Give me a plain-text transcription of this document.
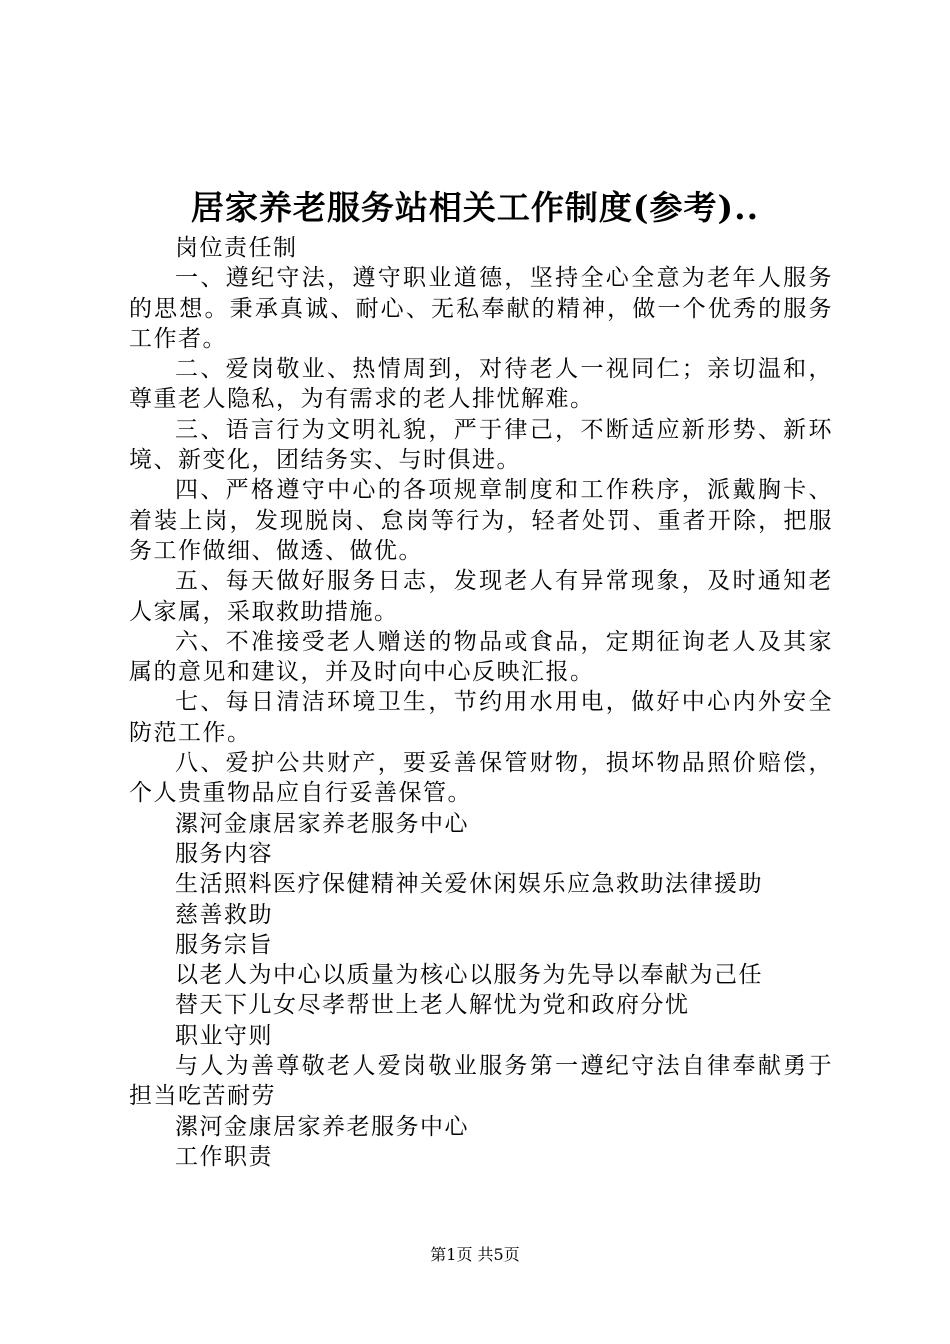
居家养老服务站相关工作制度(参考)..

岗位责任制

一、遵纪守法，遵守职业道德，坚持全心全意为老年人服务的思想。秉承真诚、耐心、无私奉献的精神，做一个优秀的服务工作者。

二、爱岗敬业、热情周到，对待老人一视同仁；亲切温和，尊重老人隐私，为有需求的老人排忧解难。

三、语言行为文明礼貌，严于律己，不断适应新形势、新环境、新变化，团结务实、与时俱进。

四、严格遵守中心的各项规章制度和工作秩序，派戴胸卡、着装上岗，发现脱岗、怠岗等行为，轻者处罚、重者开除，把服务工作做细、做透、做优。

五、每天做好服务日志，发现老人有异常现象，及时通知老人家属，采取救助措施。

六、不准接受老人赠送的物品或食品，定期征询老人及其家属的意见和建议，并及时向中心反映汇报。

七、每日清洁环境卫生，节约用水用电，做好中心内外安全防范工作。

八、爱护公共财产，要妥善保管财物，损坏物品照价赔偿，个人贵重物品应自行妥善保管。

漯河金康居家养老服务中心

服务内容

生活照料医疗保健精神关爱休闲娱乐应急救助法律援助

慈善救助

服务宗旨

以老人为中心以质量为核心以服务为先导以奉献为己任

替天下儿女尽孝帮世上老人解忧为党和政府分忧

职业守则

与人为善尊敬老人爱岗敬业服务第一遵纪守法自律奉献勇于担当吃苦耐劳

漯河金康居家养老服务中心

工作职责

第1页 共5页
